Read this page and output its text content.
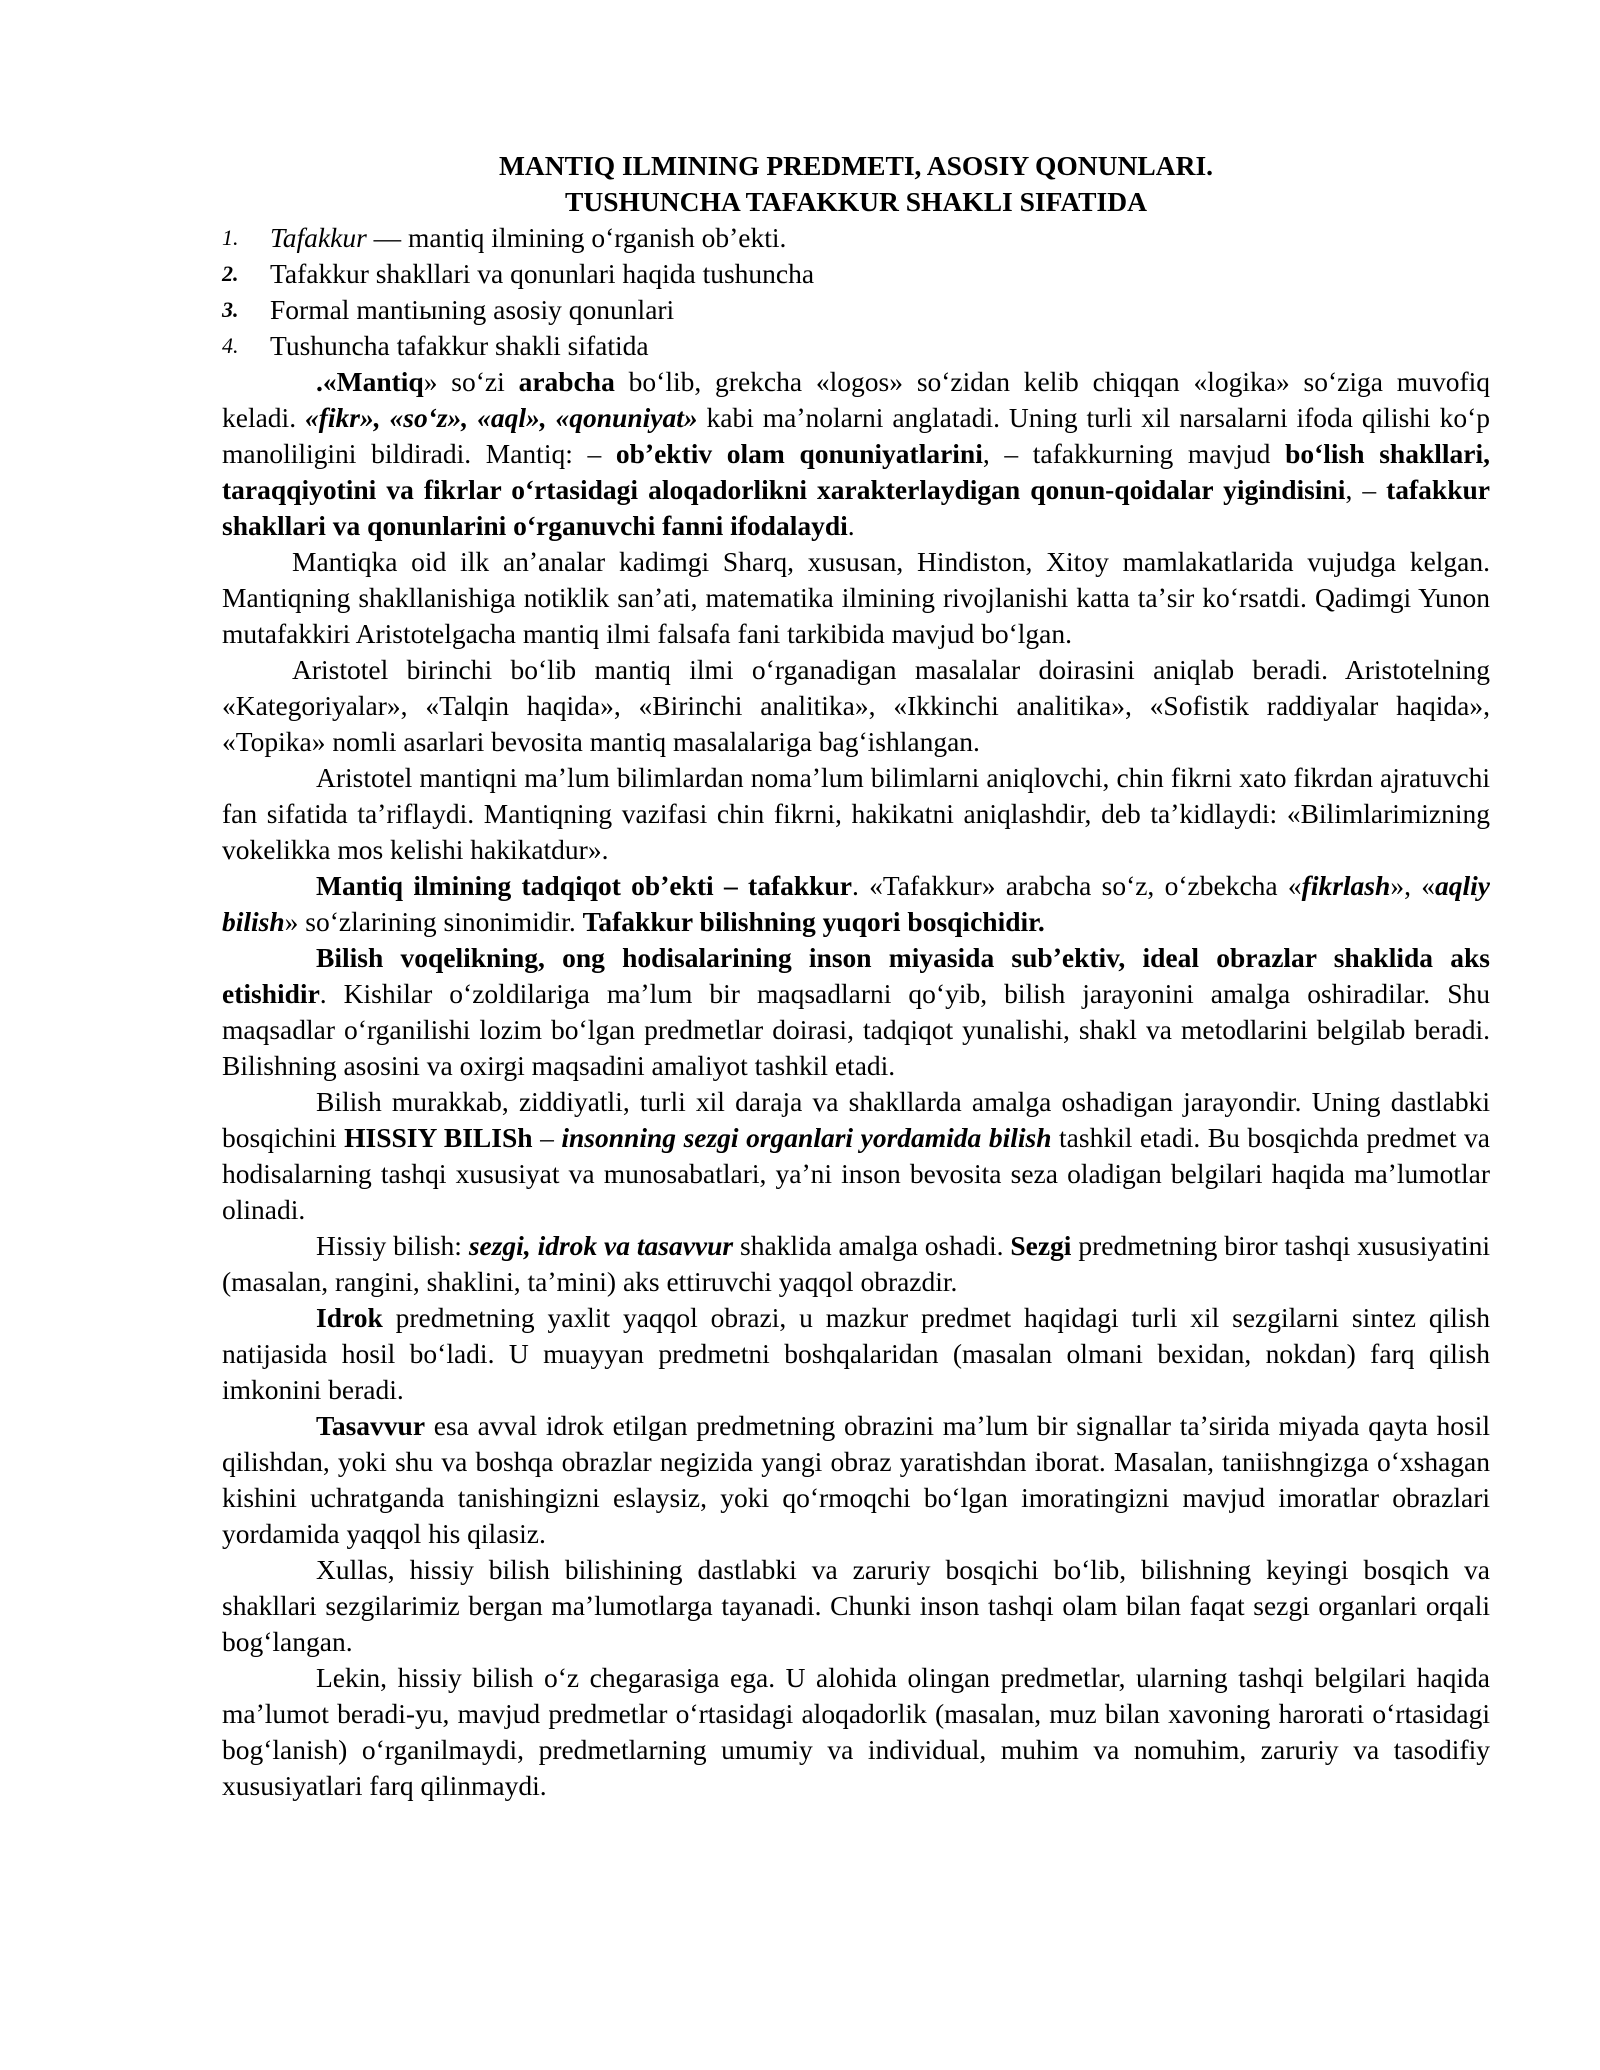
MANTIQ ILMINING PREDMETI, ASOSIY QONUNLARI.

TUSHUNCHA TAFAKKUR SHAKLI SIFATIDA

1. Tafakkur — mantiq ilmining oʻrganish obʼekti.
2. Tafakkur shakllari va qonunlari haqida tushuncha
3. Formal mantiыning asosiy qonunlari
4. Tushuncha tafakkur shakli sifatida

.«Mantiq» soʻzi arabcha boʻlib, grekcha «logos» soʻzidan kelib chiqqan «logika» soʻziga muvofiq keladi. «fikr», «soʻz», «aql», «qonuniyat» kabi maʼnolarni anglatadi. Uning turli xil narsalarni ifoda qilishi koʻp manoliligini bildiradi. Mantiq: – obʼektiv olam qonuniyatlarini, – tafakkurning mavjud boʻlish shakllari, taraqqiyotini va fikrlar oʻrtasidagi aloqadorlikni xarakterlaydigan qonun-qoidalar yigindisini, – tafakkur shakllari va qonunlarini oʻrganuvchi fanni ifodalaydi.

Mantiqka oid ilk anʼanalar kadimgi Sharq, xususan, Hindiston, Xitoy mamlakatlarida vujudga kelgan. Mantiqning shakllanishiga notiklik sanʼati, matematika ilmining rivojlanishi katta taʼsir koʻrsatdi. Qadimgi Yunon mutafakkiri Aristotelgacha mantiq ilmi falsafa fani tarkibida mavjud boʻlgan.

Aristotel birinchi boʻlib mantiq ilmi oʻrganadigan masalalar doirasini aniqlab beradi. Aristotelning «Kategoriyalar», «Talqin haqida», «Birinchi analitika», «Ikkinchi analitika», «Sofistik raddiyalar haqida», «Topika» nomli asarlari bevosita mantiq masalalariga bagʻishlangan.

Aristotel mantiqni maʼlum bilimlardan nomaʼlum bilimlarni aniqlovchi, chin fikrni xato fikrdan ajratuvchi fan sifatida taʼriflaydi. Mantiqning vazifasi chin fikrni, hakikatni aniqlashdir, deb taʼkidlaydi: «Bilimlarimizning vokelikka mos kelishi hakikatdur».

Mantiq ilmining tadqiqot obʼekti – tafakkur. «Tafakkur» arabcha soʻz, oʻzbekcha «fikrlash», «aqliy bilish» soʻzlarining sinonimidir. Tafakkur bilishning yuqori bosqichidir.

Bilish voqelikning, ong hodisalarining inson miyasida subʼektiv, ideal obrazlar shaklida aks etishidir. Kishilar oʻzoldilariga maʼlum bir maqsadlarni qoʻyib, bilish jarayonini amalga oshiradilar. Shu maqsadlar oʻrganilishi lozim boʻlgan predmetlar doirasi, tadqiqot yunalishi, shakl va metodlarini belgilab beradi. Bilishning asosini va oxirgi maqsadini amaliyot tashkil etadi.

Bilish murakkab, ziddiyatli, turli xil daraja va shakllarda amalga oshadigan jarayondir. Uning dastlabki bosqichini HISSIY BILISh – insonning sezgi organlari yordamida bilish tashkil etadi. Bu bosqichda predmet va hodisalarning tashqi xususiyat va munosabatlari, yaʼni inson bevosita seza oladigan belgilari haqida maʼlumotlar olinadi.

Hissiy bilish: sezgi, idrok va tasavvur shaklida amalga oshadi. Sezgi predmetning biror tashqi xususiyatini (masalan, rangini, shaklini, taʼmini) aks ettiruvchi yaqqol obrazdir.

Idrok predmetning yaxlit yaqqol obrazi, u mazkur predmet haqidagi turli xil sezgilarni sintez qilish natijasida hosil boʻladi. U muayyan predmetni boshqalaridan (masalan olmani bexidan, nokdan) farq qilish imkonini beradi.

Tasavvur esa avval idrok etilgan predmetning obrazini maʼlum bir signallar taʼsirida miyada qayta hosil qilishdan, yoki shu va boshqa obrazlar negizida yangi obraz yaratishdan iborat. Masalan, taniishngizga oʻxshagan kishini uchratganda tanishingizni eslaysiz, yoki qoʻrmoqchi boʻlgan imoratingizni mavjud imoratlar obrazlari yordamida yaqqol his qilasiz.

Xullas, hissiy bilish bilishining dastlabki va zaruriy bosqichi boʻlib, bilishning keyingi bosqich va shakllari sezgilarimiz bergan maʼlumotlarga tayanadi. Chunki inson tashqi olam bilan faqat sezgi organlari orqali bogʻlangan.

Lekin, hissiy bilish oʻz chegarasiga ega. U alohida olingan predmetlar, ularning tashqi belgilari haqida maʼlumot beradi-yu, mavjud predmetlar oʻrtasidagi aloqadorlik (masalan, muz bilan xavoning harorati oʻrtasidagi bogʻlanish) oʻrganilmaydi, predmetlarning umumiy va individual, muhim va nomuhim, zaruriy va tasodifiy xususiyatlari farq qilinmaydi.
